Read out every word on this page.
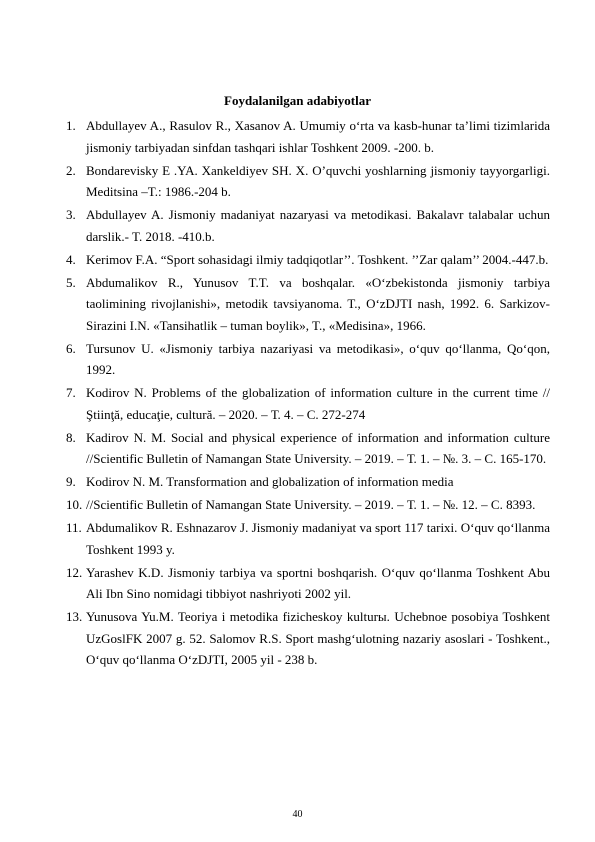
Foydalanilgan adabiyotlar
1. Abdullayev A., Rasulov R., Xasanov A. Umumiy o‘rta va kasb-hunar ta’limi tizimlarida jismoniy tarbiyadan sinfdan tashqari ishlar Toshkent 2009. -200. b.
2. Bondarevisky E .YA. Xankeldiyev SH. X. O’quvchi yoshlarning jismoniy tayyorgarligi. Meditsina –T.: 1986.-204 b.
3. Abdullayev A. Jismoniy madaniyat nazaryasi va metodikasi. Bakalavr talabalar uchun darslik.- T. 2018. -410.b.
4. Kerimov F.A. “Sport sohasidagi ilmiy tadqiqotlar’’. Toshkent. ’’Zar qalam’’ 2004.-447.b.
5. Abdumalikov R., Yunusov T.T. va boshqalar. «O‘zbekistonda jismoniy tarbiya taolimining rivojlanishi», metodik tavsiyanoma. T., O‘zDJTI nash, 1992. 6. Sarkizov-Sirazini I.N. «Tansihatlik – tuman boylik», T., «Medisina», 1966.
6. Tursunov U. «Jismoniy tarbiya nazariyasi va metodikasi», o‘quv qo‘llanma, Qo‘qon, 1992.
7. Kodirov N. Problems of the globalization of information culture in the current time //Ştiinţă, educaţie, cultură. – 2020. – Т. 4. – С. 272-274
8. Kadirov N. M. Social and physical experience of information and information culture //Scientific Bulletin of Namangan State University. – 2019. – Т. 1. – №. 3. – С. 165-170.
9. Kodirov N. M. Transformation and globalization of information media
10. //Scientific Bulletin of Namangan State University. – 2019. – Т. 1. – №. 12. – С. 8393.
11. Abdumalikov R. Eshnazarov J. Jismoniy madaniyat va sport 117 tarixi. O‘quv qo‘llanma Toshkent 1993 y.
12. Yarashev K.D. Jismoniy tarbiya va sportni boshqarish. O‘quv qo‘llanma Toshkent Abu Ali Ibn Sino nomidagi tibbiyot nashriyoti 2002 yil.
13. Yunusova Yu.M. Teoriya i metodika fizicheskoy kulturы. Uchebnoe posobiya Toshkent UzGoslFK 2007 g. 52. Salomov R.S. Sport mashg‘ulotning nazariy asoslari - Toshkent., O‘quv qo‘llanma O‘zDJTI, 2005 yil - 238 b.
40
